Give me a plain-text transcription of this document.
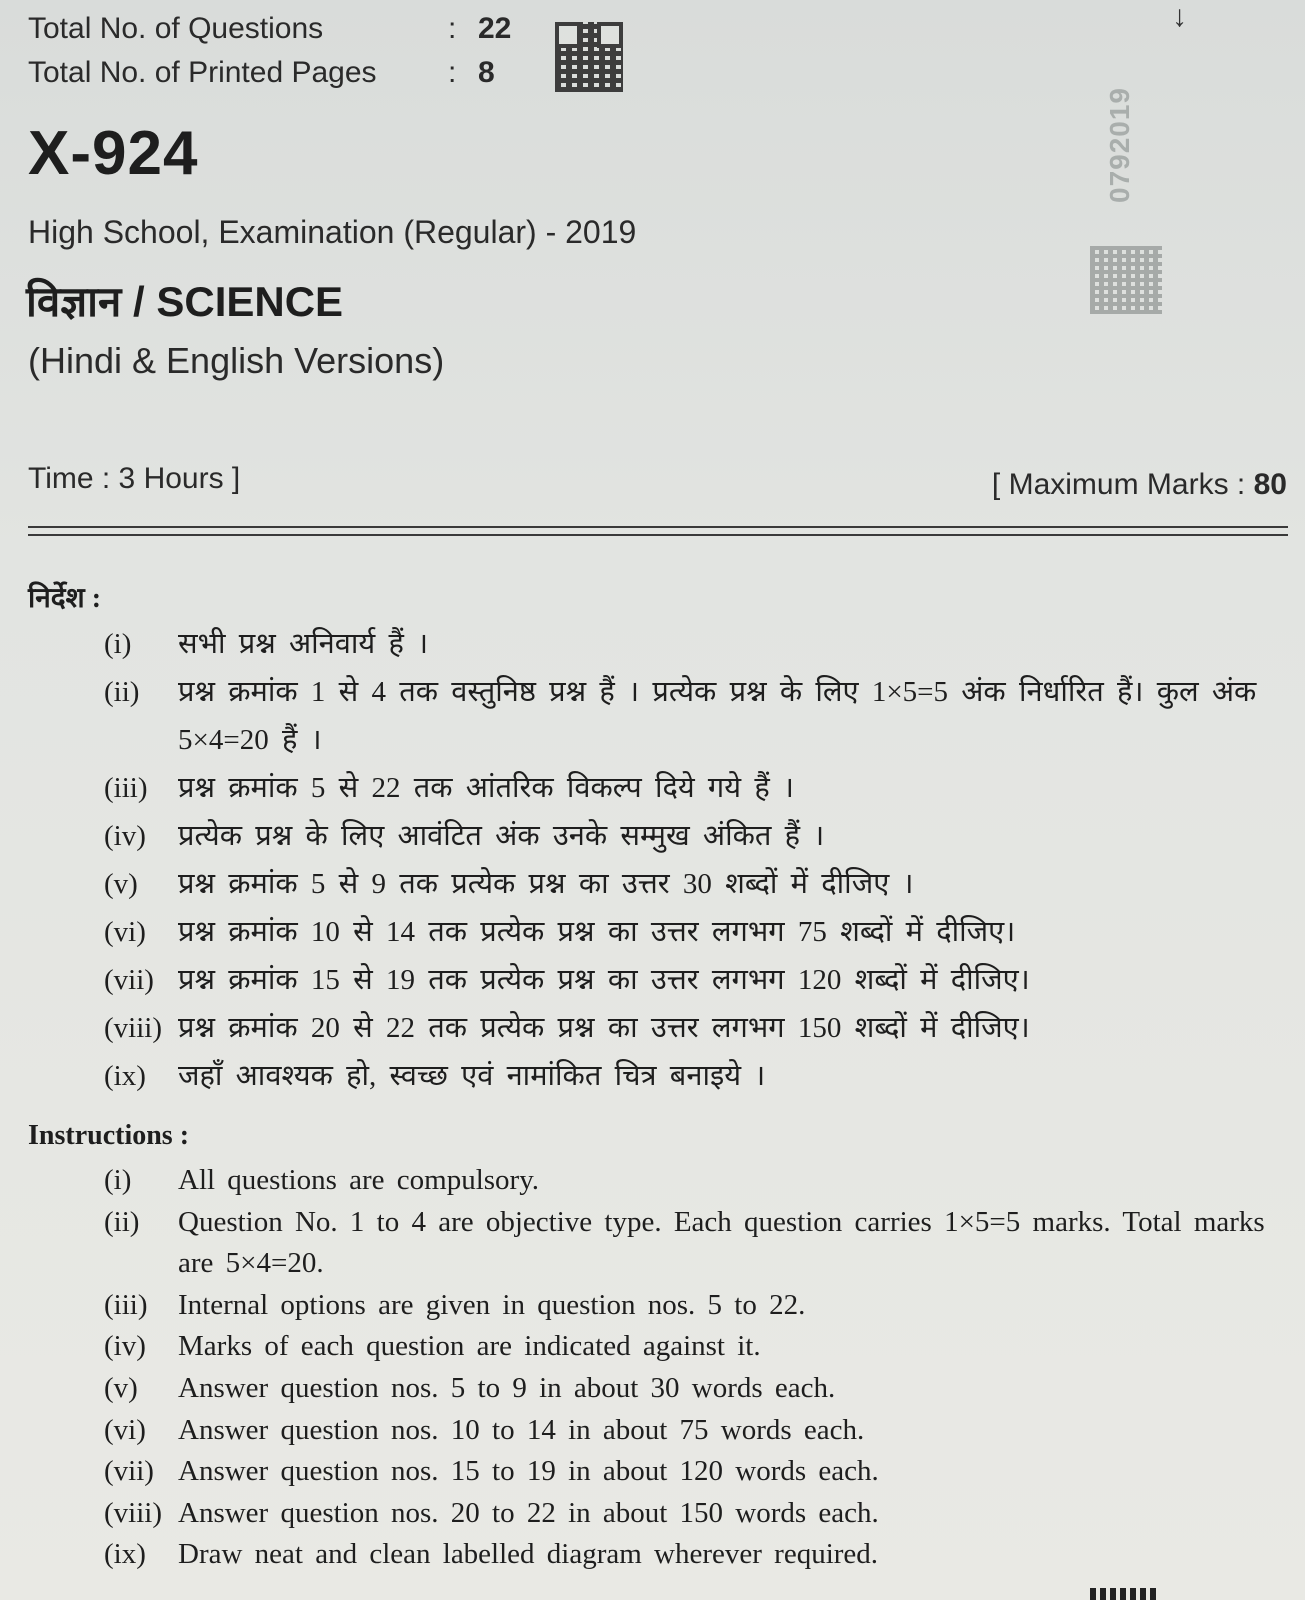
Total No. of Questions	: 22
Total No. of Printed Pages	: 8
↓
X-924
High School, Examination (Regular) - 2019
विज्ञान / SCIENCE
(Hindi & English Versions)
0792019
Time : 3 Hours ]	[ Maximum Marks : 80
निर्देश :
(i)	सभी प्रश्न अनिवार्य हैं ।
(ii)	प्रश्न क्रमांक 1 से 4 तक वस्तुनिष्ठ प्रश्न हैं । प्रत्येक प्रश्न के लिए 1×5=5 अंक निर्धारित हैं। कुल अंक 5×4=20 हैं ।
(iii)	प्रश्न क्रमांक 5 से 22 तक आंतरिक विकल्प दिये गये हैं ।
(iv)	प्रत्येक प्रश्न के लिए आवंटित अंक उनके सम्मुख अंकित हैं ।
(v)	प्रश्न क्रमांक 5 से 9 तक प्रत्येक प्रश्न का उत्तर 30 शब्दों में दीजिए ।
(vi)	प्रश्न क्रमांक 10 से 14 तक प्रत्येक प्रश्न का उत्तर लगभग 75 शब्दों में दीजिए।
(vii) प्रश्न क्रमांक 15 से 19 तक प्रत्येक प्रश्न का उत्तर लगभग 120 शब्दों में दीजिए।
(viii) प्रश्न क्रमांक 20 से 22 तक प्रत्येक प्रश्न का उत्तर लगभग 150 शब्दों में दीजिए।
(ix)	जहाँ आवश्यक हो, स्वच्छ एवं नामांकित चित्र बनाइये ।
Instructions :
(i)	All questions are compulsory.
(ii)	Question No. 1 to 4 are objective type. Each question carries 1×5=5 marks. Total marks are 5×4=20.
(iii)	Internal options are given in question nos. 5 to 22.
(iv)	Marks of each question are indicated against it.
(v)	Answer question nos. 5 to 9 in about 30 words each.
(vi)	Answer question nos. 10 to 14 in about 75 words each.
(vii) Answer question nos. 15 to 19 in about 120 words each.
(viii) Answer question nos. 20 to 22 in about 150 words each.
(ix)	Draw neat and clean labelled diagram wherever required.
